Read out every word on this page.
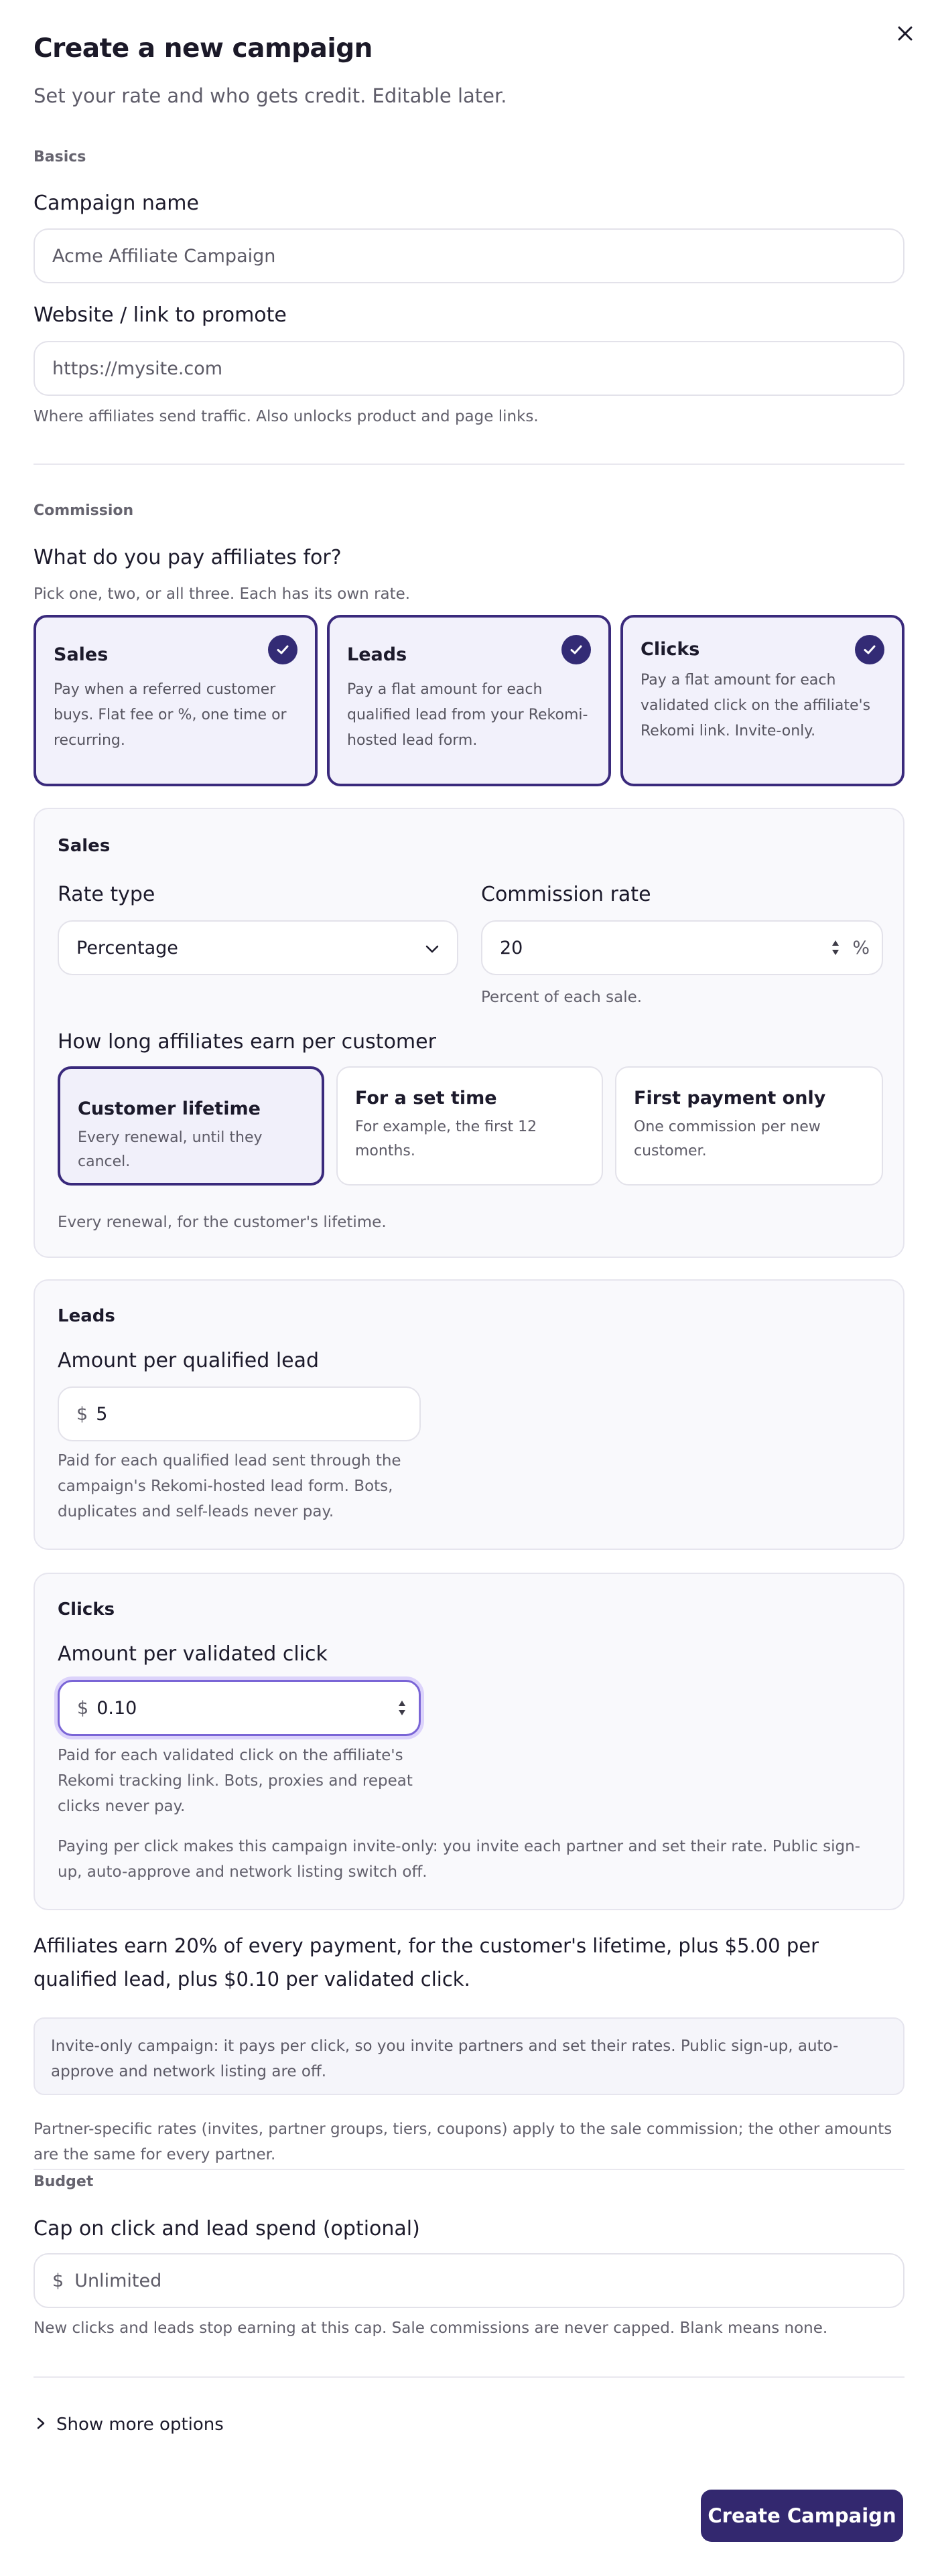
Create a new campaign
Set your rate and who gets credit. Editable later.
Basics
Campaign name
Acme Affiliate Campaign
Website / link to promote
https://mysite.com
Where affiliates send traffic. Also unlocks product and page links.
Commission
What do you pay affiliates for?
Pick one, two, or all three. Each has its own rate.
Sales
Pay when a referred customer buys. Flat fee or %, one time or recurring.
Leads
Pay a flat amount for each qualified lead from your Rekomi-hosted lead form.
Clicks
Pay a flat amount for each validated click on the affiliate's Rekomi link. Invite-only.
Sales
Rate type
Percentage
Commission rate
20	%
Percent of each sale.
How long affiliates earn per customer
Customer lifetime
Every renewal, until they cancel.
For a set time
For example, the first 12 months.
First payment only
One commission per new customer.
Every renewal, for the customer's lifetime.
Leads
Amount per qualified lead
$ 5
Paid for each qualified lead sent through the campaign's Rekomi-hosted lead form. Bots, duplicates and self-leads never pay.
Clicks
Amount per validated click
$ 0.10
Paid for each validated click on the affiliate's Rekomi tracking link. Bots, proxies and repeat clicks never pay.
Paying per click makes this campaign invite-only: you invite each partner and set their rate. Public sign-up, auto-approve and network listing switch off.
Affiliates earn 20% of every payment, for the customer's lifetime, plus $5.00 per qualified lead, plus $0.10 per validated click.
Invite-only campaign: it pays per click, so you invite partners and set their rates. Public sign-up, auto-approve and network listing are off.
Partner-specific rates (invites, partner groups, tiers, coupons) apply to the sale commission; the other amounts are the same for every partner.
Budget
Cap on click and lead spend (optional)
$ Unlimited
New clicks and leads stop earning at this cap. Sale commissions are never capped. Blank means none.
Show more options
Create Campaign
